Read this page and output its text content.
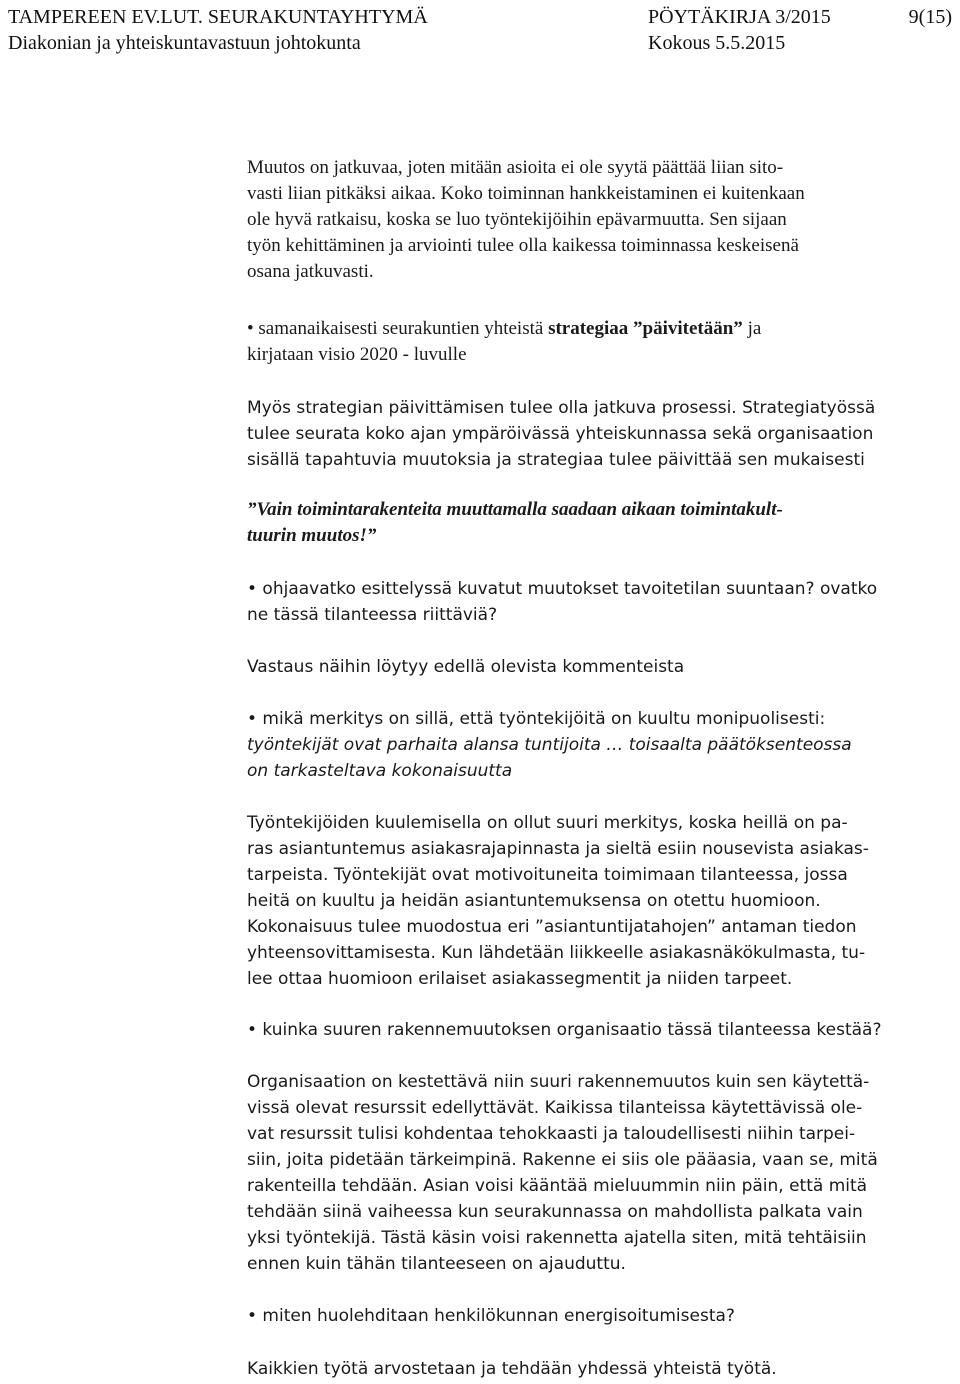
TAMPEREEN EV.LUT. SEURAKUNTAYHTYMÄ	PÖYTÄKIRJA 3/2015	9(15)
Diakonian ja yhteiskuntavastuun johtokunta	Kokous 5.5.2015
Muutos on jatkuvaa, joten mitään asioita ei ole syytä päättää liian sito-
vasti liian pitkäksi aikaa. Koko toiminnan hankkeistaminen ei kuitenkaan
ole hyvä ratkaisu, koska se luo työntekijöihin epävarmuutta. Sen sijaan
työn kehittäminen ja arviointi tulee olla kaikessa toiminnassa keskeisenä
osana jatkuvasti.
• samanaikaisesti seurakuntien yhteistä strategiaa ”päivitetään” ja
kirjataan visio 2020 - luvulle
Myös strategian päivittämisen tulee olla jatkuva prosessi. Strategiatyössä
tulee seurata koko ajan ympäröivässä yhteiskunnassa sekä organisaation
sisällä tapahtuvia muutoksia ja strategiaa tulee päivittää sen mukaisesti
”Vain toimintarakenteita muuttamalla saadaan aikaan toimintakult-
tuurin muutos!”
• ohjaavatko esittelyssä kuvatut muutokset tavoitetilan suuntaan? ovatko
ne tässä tilanteessa riittäviä?
Vastaus näihin löytyy edellä olevista kommenteista
• mikä merkitys on sillä, että työntekijöitä on kuultu monipuolisesti:
työntekijät ovat parhaita alansa tuntijoita … toisaalta päätöksenteossa
on tarkasteltava kokonaisuutta
Työntekijöiden kuulemisella on ollut suuri merkitys, koska heillä on pa-
ras asiantuntemus asiakasrajapinnasta ja sieltä esiin nousevista asiakas-
tarpeista. Työntekijät ovat motivoituneita toimimaan tilanteessa, jossa
heitä on kuultu ja heidän asiantuntemuksensa on otettu huomioon.
Kokonaisuus tulee muodostua eri ”asiantuntijatahojen” antaman tiedon
yhteensovittamisesta. Kun lähdetään liikkeelle asiakasnäkökulmasta, tu-
lee ottaa huomioon erilaiset asiakassegmentit ja niiden tarpeet.
• kuinka suuren rakennemuutoksen organisaatio tässä tilanteessa kestää?
Organisaation on kestettävä niin suuri rakennemuutos kuin sen käytettä-
vissä olevat resurssit edellyttävät. Kaikissa tilanteissa käytettävissä ole-
vat resurssit tulisi kohdentaa tehokkaasti ja taloudellisesti niihin tarpei-
siin, joita pidetään tärkeimpinä. Rakenne ei siis ole pääasia, vaan se, mitä
rakenteilla tehdään. Asian voisi kääntää mieluummin niin päin, että mitä
tehdään siinä vaiheessa kun seurakunnassa on mahdollista palkata vain
yksi työntekijä. Tästä käsin voisi rakennetta ajatella siten, mitä tehtäisiin
ennen kuin tähän tilanteeseen on ajauduttu.
• miten huolehditaan henkilökunnan energisoitumisesta?
Kaikkien työtä arvostetaan ja tehdään yhdessä yhteistä työtä.
